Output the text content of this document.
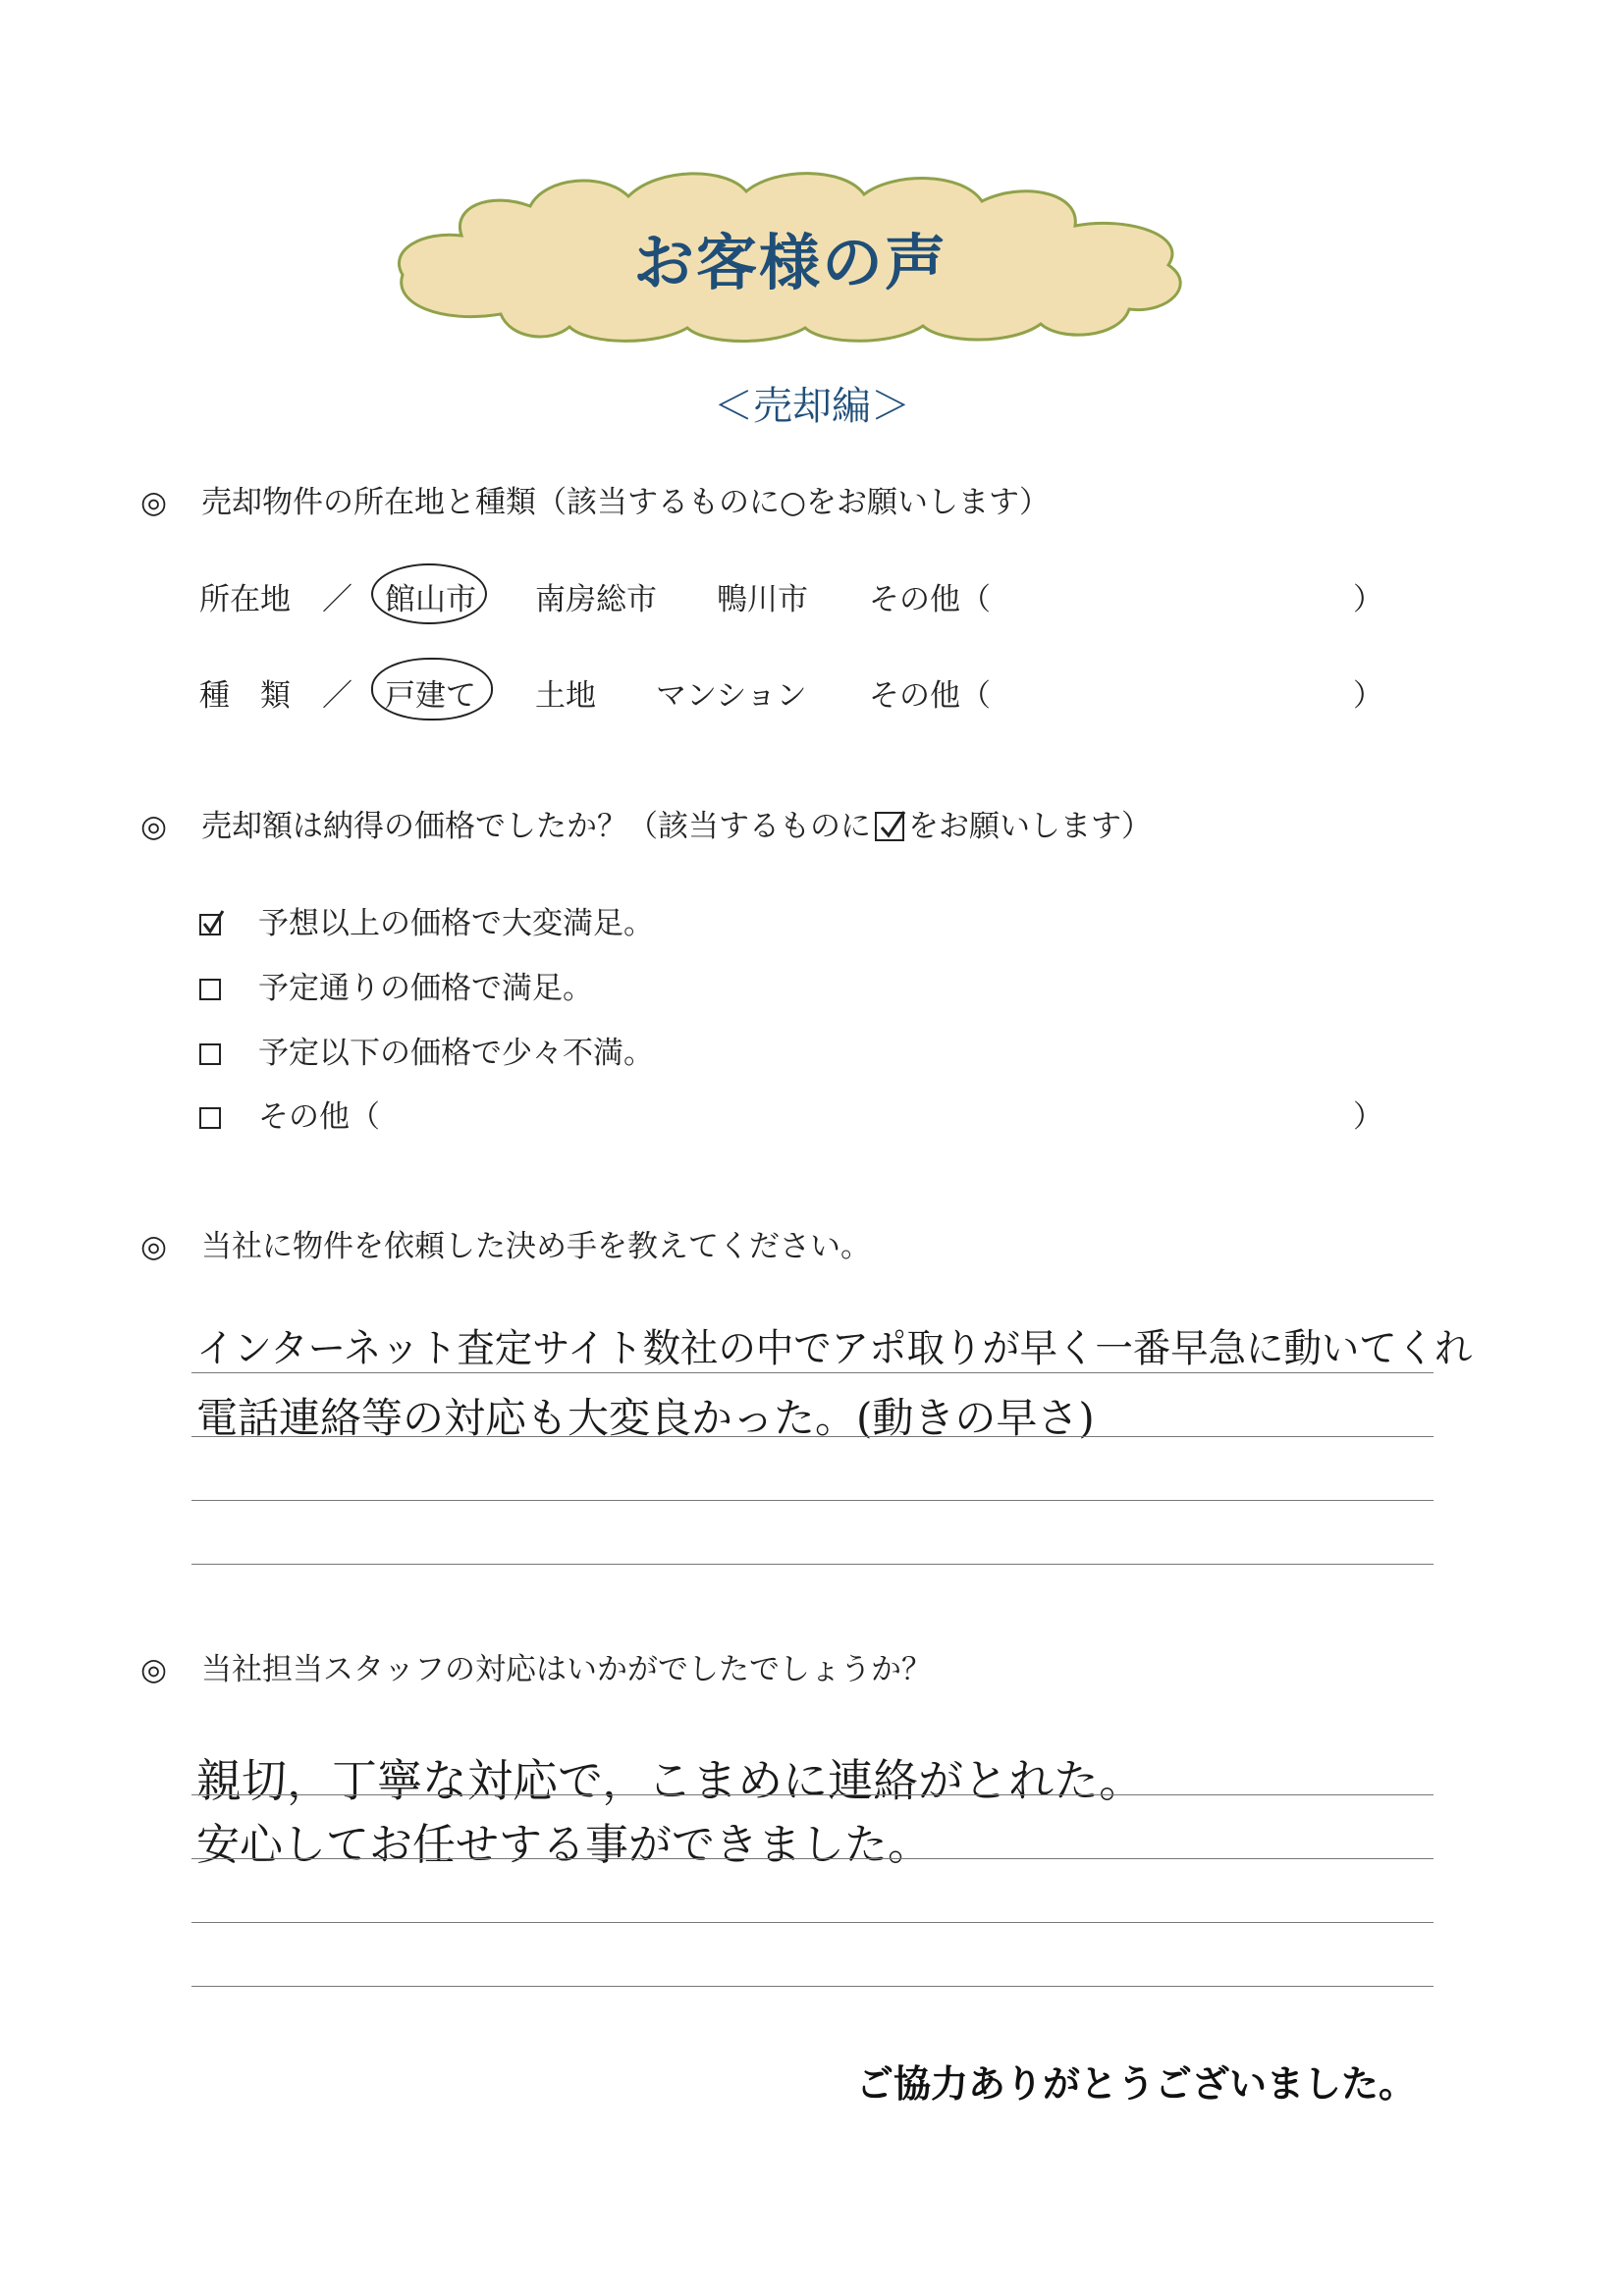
お客様の声
＜売却編＞
◎ 売却物件の所在地と種類（該当するものに○をお願いします）
所在地 ／ 館山市 南房総市 鴨川市 その他（	）
種　類 ／ 戸建て 土地 マンション その他（	）
◎ 売却額は納得の価格でしたか？（該当するものに をお願いします）
予想以上の価格で大変満足。
予定通りの価格で満足。
予定以下の価格で少々不満。
その他（	）
◎ 当社に物件を依頼した決め手を教えてください。
インターネット査定サイト数社の中でアポ取りが早く一番早急に動いてくれ
電話連絡等の対応も大変良かった。(動きの早さ)
◎ 当社担当スタッフの対応はいかがでしたでしょうか？
親切，丁寧な対応で，こまめに連絡がとれた。
安心してお任せする事ができました。
ご協力ありがとうございました。
